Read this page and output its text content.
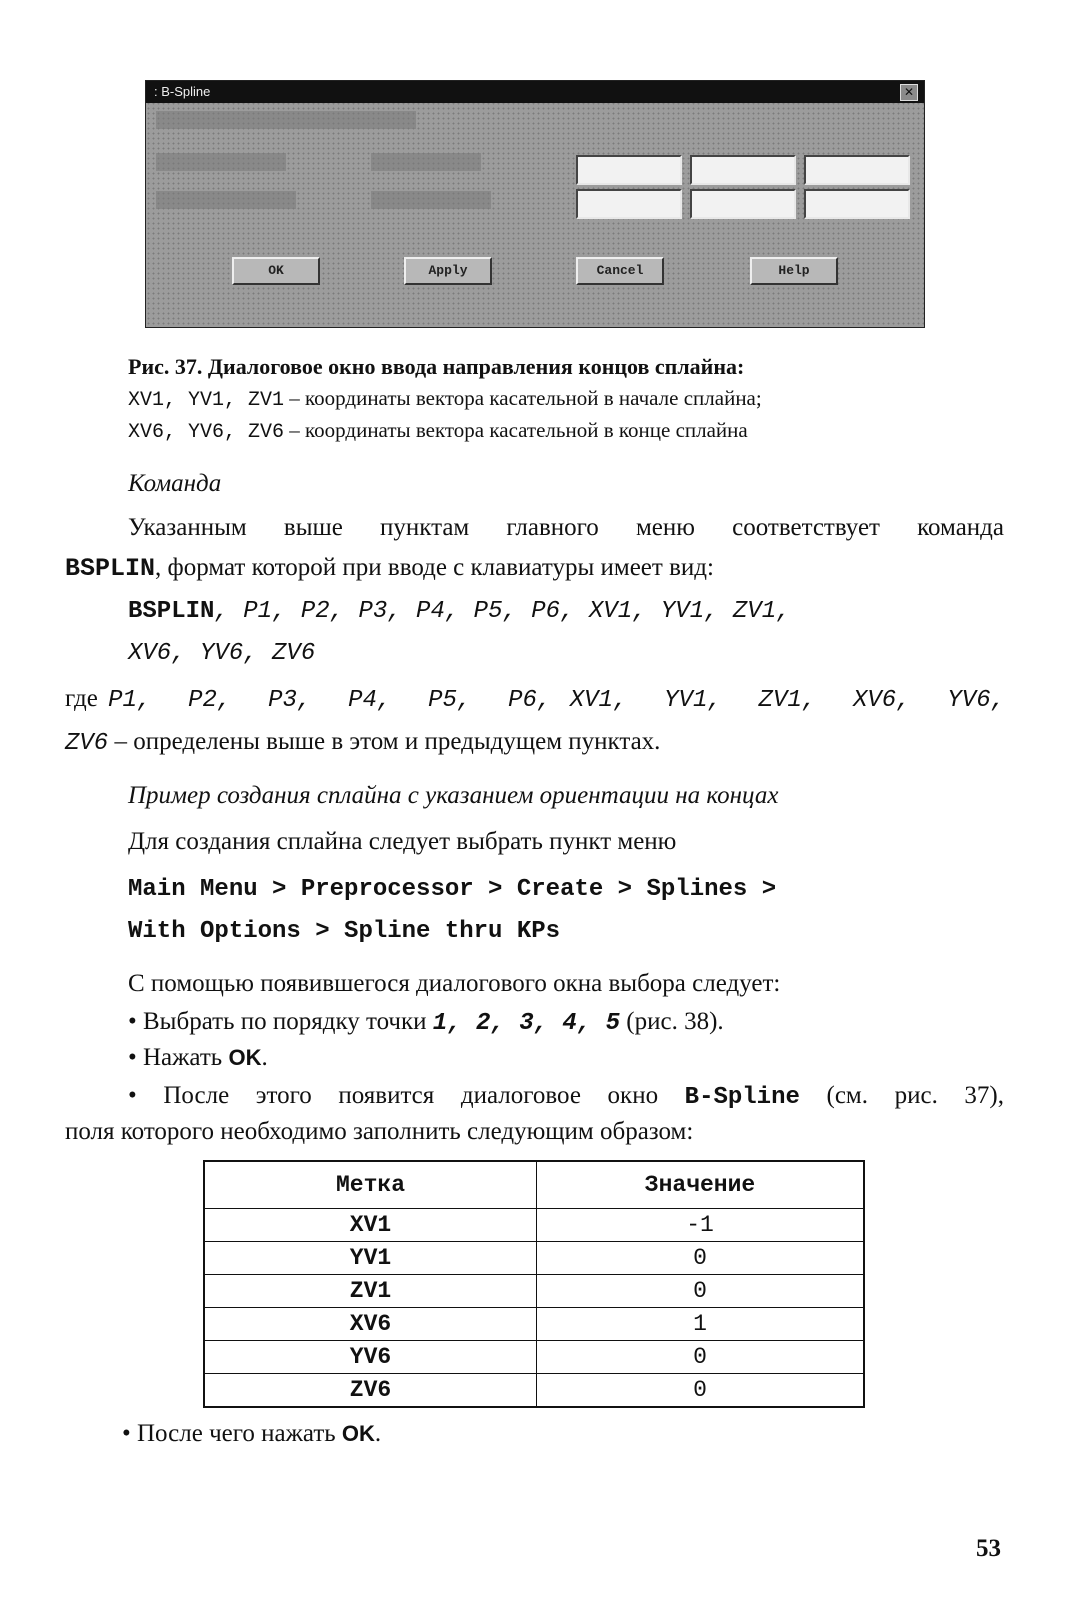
: B-Spline	✕
OK	Apply	Cancel	Help
Рис. 37. Диалоговое окно ввода направления концов сплайна:
XV1, YV1, ZV1 – координаты вектора касательной в начале сплайна;
XV6, YV6, ZV6 – координаты вектора касательной в конце сплайна
Команда
Указанным выше пунктам главного меню соответствует команда
BSPLIN, формат которой при вводе с клавиатуры имеет вид:
BSPLIN, P1, P2, P3, P4, P5, P6, XV1, YV1, ZV1,
XV6, YV6, ZV6
где P1,  P2,  P3,  P4,  P5,  P6, XV1,  YV1,  ZV1,  XV6,  YV6,
ZV6 – определены выше в этом и предыдущем пунктах.
Пример создания сплайна с указанием ориентации на концах
Для создания сплайна следует выбрать пункт меню
Main Menu > Preprocessor > Create > Splines >
With Options > Spline thru KPs
С помощью появившегося диалогового окна выбора следует:
• Выбрать по порядку точки 1, 2, 3, 4, 5 (рис. 38).
• Нажать OK.
• После этого появится диалоговое окно B-Spline (см. рис. 37),
поля которого необходимо заполнить следующим образом:
Метка	Значение
XV1	-1
YV1	0
ZV1	0
XV6	1
YV6	0
ZV6	0
• После чего нажать OK.
53
